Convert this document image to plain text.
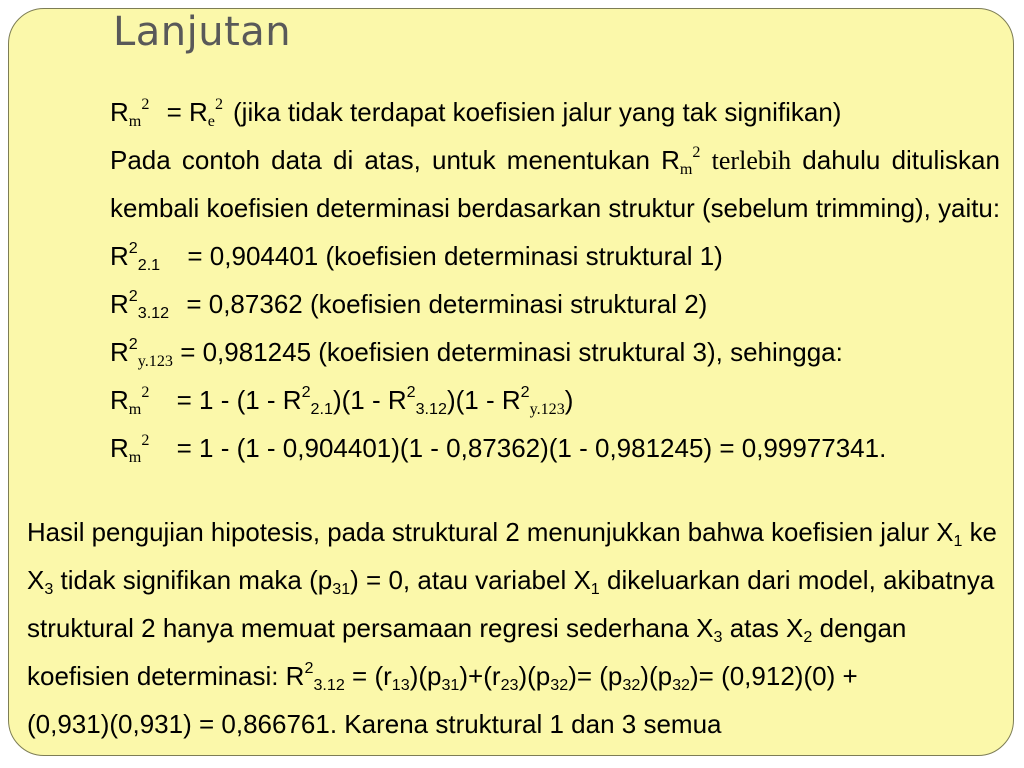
Lanjutan
$R_m^2 = R_e^2$ (jika tidak terdapat koefisien jalur yang tak signifikan)
Pada contoh data di atas, untuk menentukan $R_m^2$ terlebih dahulu dituliskan
kembali koefisien determinasi berdasarkan struktur (sebelum trimming), yaitu:
$R^2_{2.1} = 0,904401$ (koefisien determinasi struktural 1)
$R^2_{3.12} = 0,87362$ (koefisien determinasi struktural 2)
$R^2_{y.123} = 0,981245$ (koefisien determinasi struktural 3), sehingga:
$R_m^2 = 1 - (1 - R^2_{2.1})(1 - R^2_{3.12})(1 - R^2_{y.123})$
$R_m^2 = 1 - (1 - 0,904401)(1 - 0,87362)(1 - 0,981245) = 0,99977341$.
Hasil pengujian hipotesis, pada struktural 2 menunjukkan bahwa koefisien jalur $X_1$ ke
$X_3$ tidak signifikan maka $(p_{31}) = 0$, atau variabel $X_1$ dikeluarkan dari model, akibatnya
struktural 2 hanya memuat persamaan regresi sederhana $X_3$ atas $X_2$ dengan
koefisien determinasi: $R^2_{3.12} = (r_{13})(p_{31})+(r_{23})(p_{32})= (p_{32})(p_{32})= (0,912)(0)$ +
(0,931)(0,931) = 0,866761. Karena struktural 1 dan 3 semua
